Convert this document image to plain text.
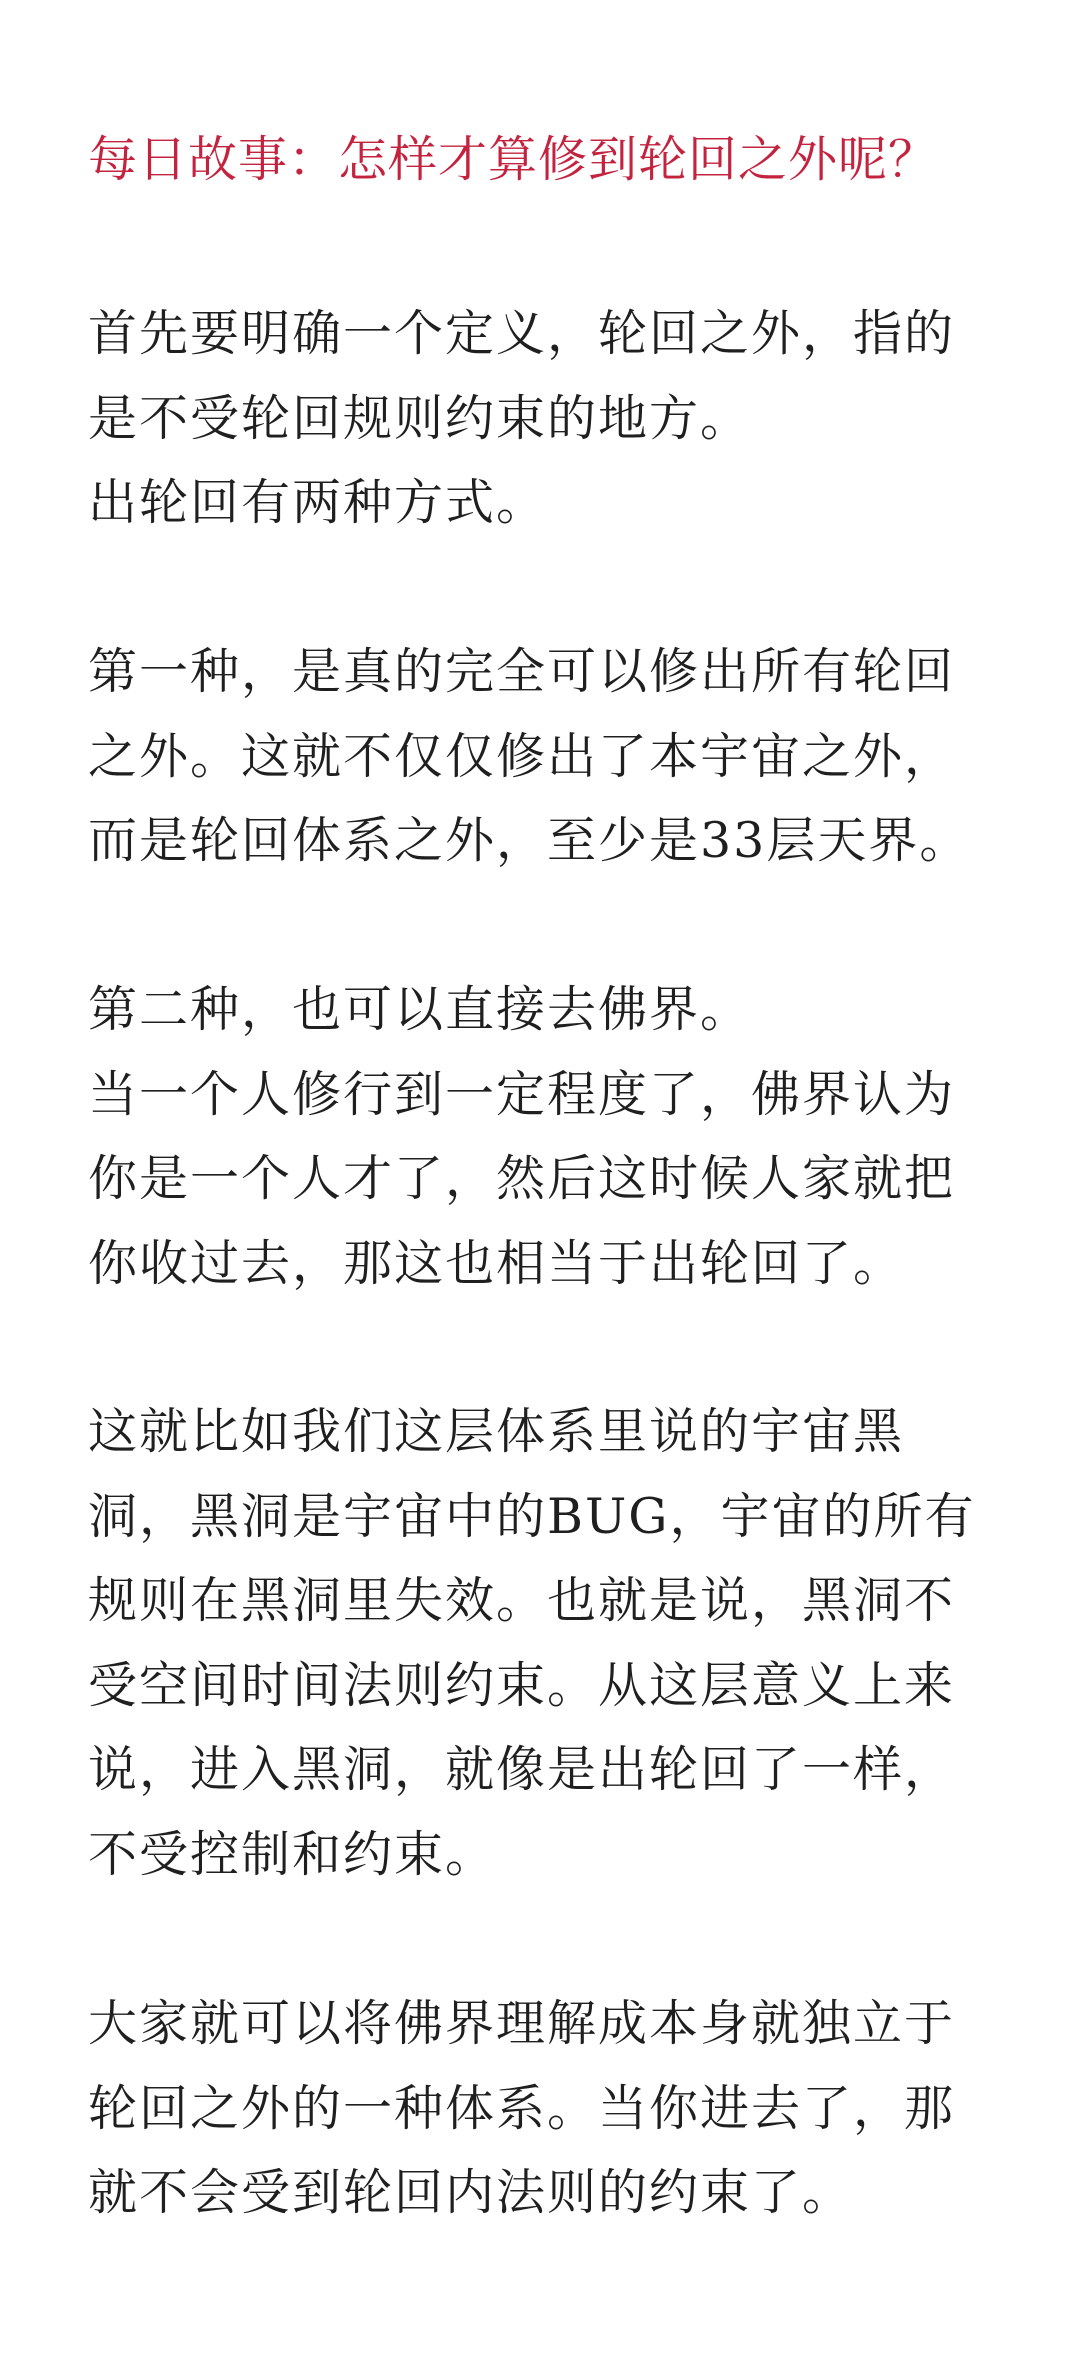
每日故事：怎样才算修到轮回之外呢？
首先要明确一个定义，轮回之外，指的
是不受轮回规则约束的地方。
出轮回有两种方式。
第一种，是真的完全可以修出所有轮回
之外。这就不仅仅修出了本宇宙之外，
而是轮回体系之外，至少是33层天界。
第二种，也可以直接去佛界。
当一个人修行到一定程度了，佛界认为
你是一个人才了，然后这时候人家就把
你收过去，那这也相当于出轮回了。
这就比如我们这层体系里说的宇宙黑
洞，黑洞是宇宙中的BUG，宇宙的所有
规则在黑洞里失效。也就是说，黑洞不
受空间时间法则约束。从这层意义上来
说，进入黑洞，就像是出轮回了一样，
不受控制和约束。
大家就可以将佛界理解成本身就独立于
轮回之外的一种体系。当你进去了，那
就不会受到轮回内法则的约束了。
